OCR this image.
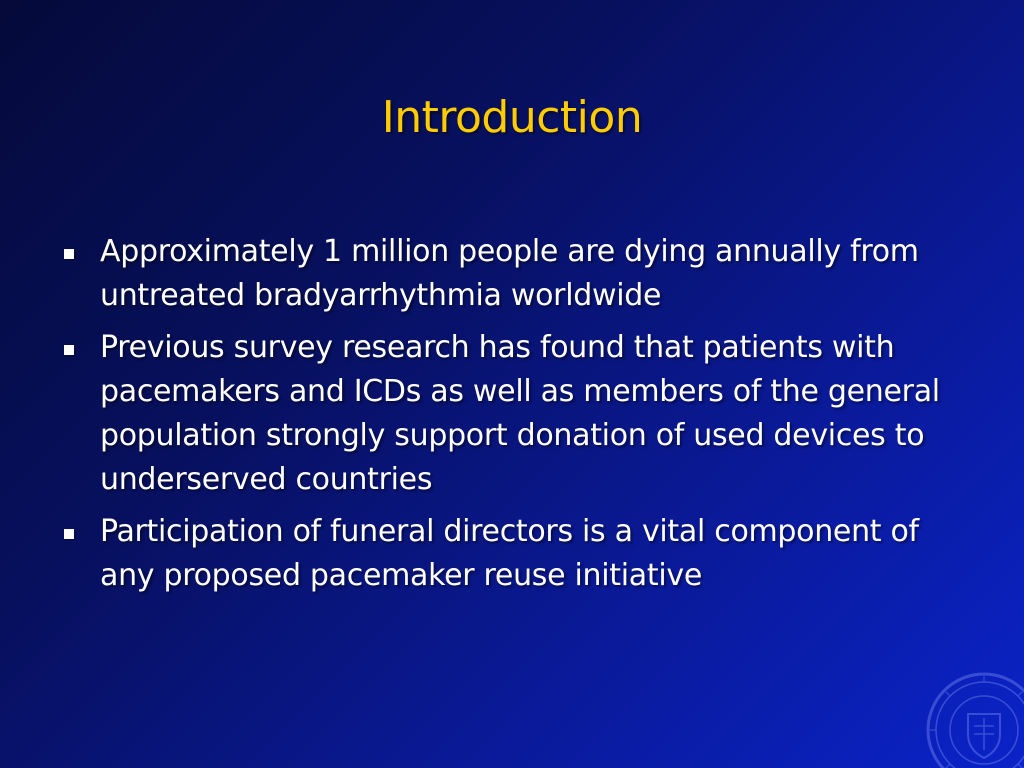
Introduction
Approximately 1 million people are dying annually from untreated bradyarrhythmia worldwide
Previous survey research has found that patients with pacemakers and ICDs as well as members of the general population strongly support donation of used devices to underserved countries
Participation of funeral directors is a vital component of any proposed pacemaker reuse initiative
